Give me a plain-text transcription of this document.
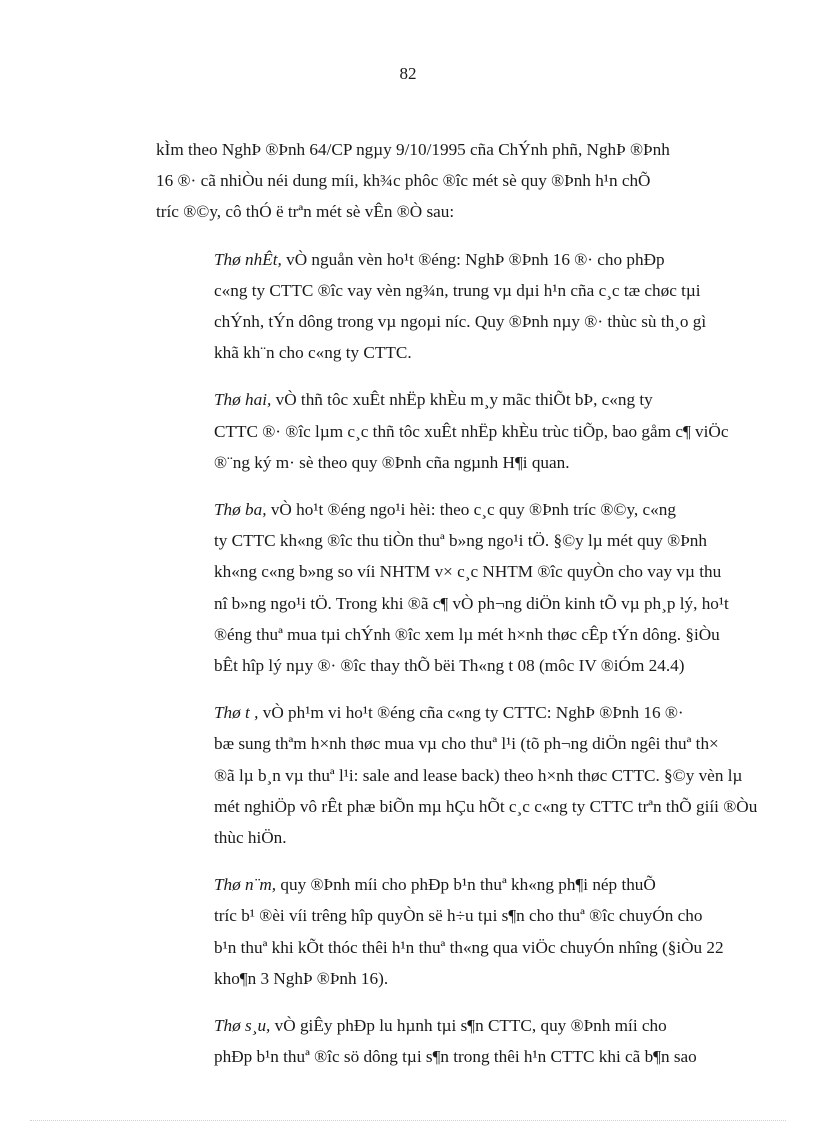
82

kÌm theo NghÞ ®Þnh 64/CP ngµy 9/10/1995 cña ChÝnh phñ, NghÞ ®Þnh
16 ®· cã nhiÒu néi dung míi, kh¾c phôc ®îc mét sè quy ®Þnh h¹n chÕ
tríc ®©y, cô thÓ ë trªn mét sè vÊn ®Ò sau:

Thø nhÊt, vÒ nguån vèn ho¹t ®éng: NghÞ ®Þnh 16 ®· cho phÐp
c«ng ty CTTC ®îc vay vèn ng¾n, trung vµ dµi h¹n cña c¸c tæ chøc tµi
chÝnh, tÝn dông trong vµ ngoµi níc. Quy ®Þnh nµy ®· thùc sù th¸o gì
khã kh¨n cho c«ng ty CTTC.

Thø hai, vÒ thñ tôc xuÊt nhËp khÈu m¸y mãc thiÕt bÞ, c«ng ty
CTTC ®· ®îc lµm c¸c thñ tôc xuÊt nhËp khÈu trùc tiÕp, bao gåm c¶ viÖc
®¨ng ký m· sè theo quy ®Þnh cña ngµnh H¶i quan.

Thø ba, vÒ ho¹t ®éng ngo¹i hèi: theo c¸c quy ®Þnh tríc ®©y, c«ng
ty CTTC kh«ng ®îc thu tiÒn thuª b»ng ngo¹i tÖ. §©y lµ mét quy ®Þnh
kh«ng c«ng b»ng so víi NHTM v× c¸c NHTM ®îc quyÒn cho vay vµ thu
nî b»ng ngo¹i tÖ. Trong khi ®ã c¶ vÒ ph¬ng diÖn kinh tÕ vµ ph¸p lý, ho¹t
®éng thuª mua tµi chÝnh ®îc xem lµ mét h×nh thøc cÊp tÝn dông. §iÒu
bÊt hîp lý nµy ®· ®îc thay thÕ bëi Th«ng t 08 (môc IV ®iÓm 24.4)

Thø t , vÒ ph¹m vi ho¹t ®éng cña c«ng ty CTTC: NghÞ ®Þnh 16 ®·
bæ sung thªm h×nh thøc mua vµ cho thuª l¹i (tõ ph¬ng diÖn ngêi thuª th×
®ã lµ b¸n vµ thuª l¹i: sale and lease back) theo h×nh thøc CTTC. §©y vèn lµ
mét nghiÖp vô rÊt phæ biÕn mµ hÇu hÕt c¸c c«ng ty CTTC trªn thÕ giíi ®Òu
thùc hiÖn.

Thø n¨m, quy ®Þnh míi cho phÐp b¹n thuª kh«ng ph¶i nép thuÕ
tríc b¹ ®èi víi trêng hîp quyÒn së h÷u tµi s¶n cho thuª ®îc chuyÓn cho
b¹n thuª khi kÕt thóc thêi h¹n thuª th«ng qua viÖc chuyÓn nhîng (§iÒu 22
kho¶n 3 NghÞ ®Þnh 16).

Thø s¸u, vÒ giÊy phÐp lu hµnh tµi s¶n CTTC, quy ®Þnh míi cho
phÐp b¹n thuª ®îc sö dông tµi s¶n trong thêi h¹n CTTC khi cã b¶n sao
